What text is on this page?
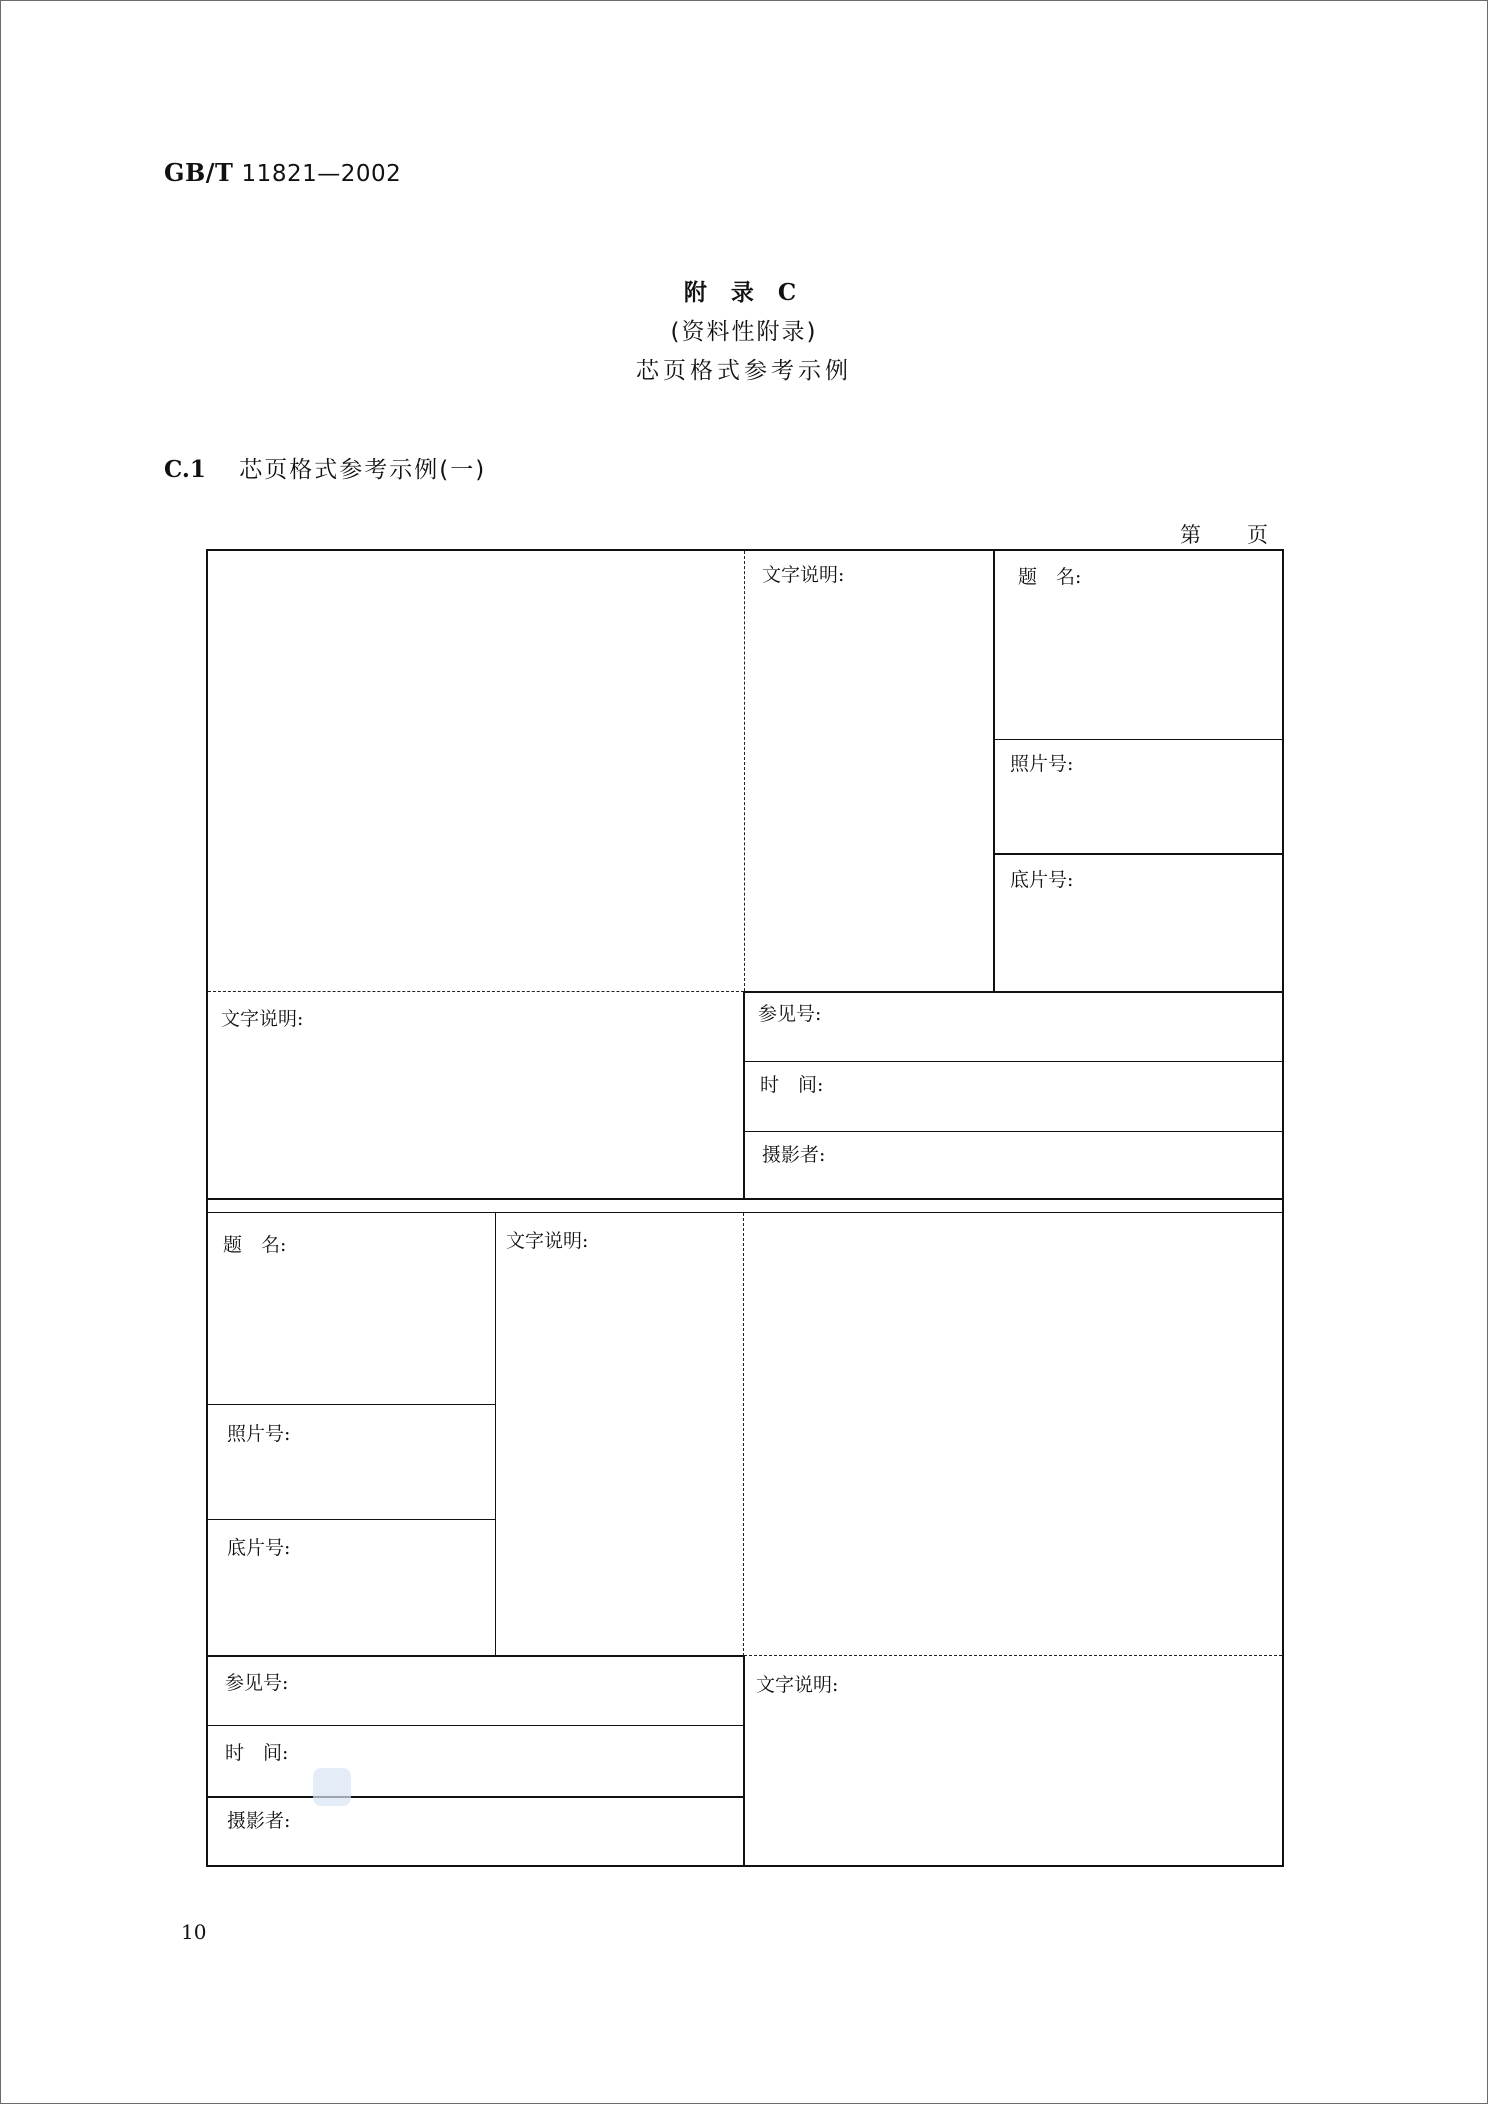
GB/T 11821—2002
附 录 C
(资料性附录)
芯页格式参考示例
C.1 芯页格式参考示例(一)
第页
文字说明:	题　名:
照片号:
底片号:
文字说明:	参见号:
时　间:
摄影者:
题　名:	文字说明:
照片号:
底片号:
参见号:
时　间:
摄影者:
文字说明:
10
